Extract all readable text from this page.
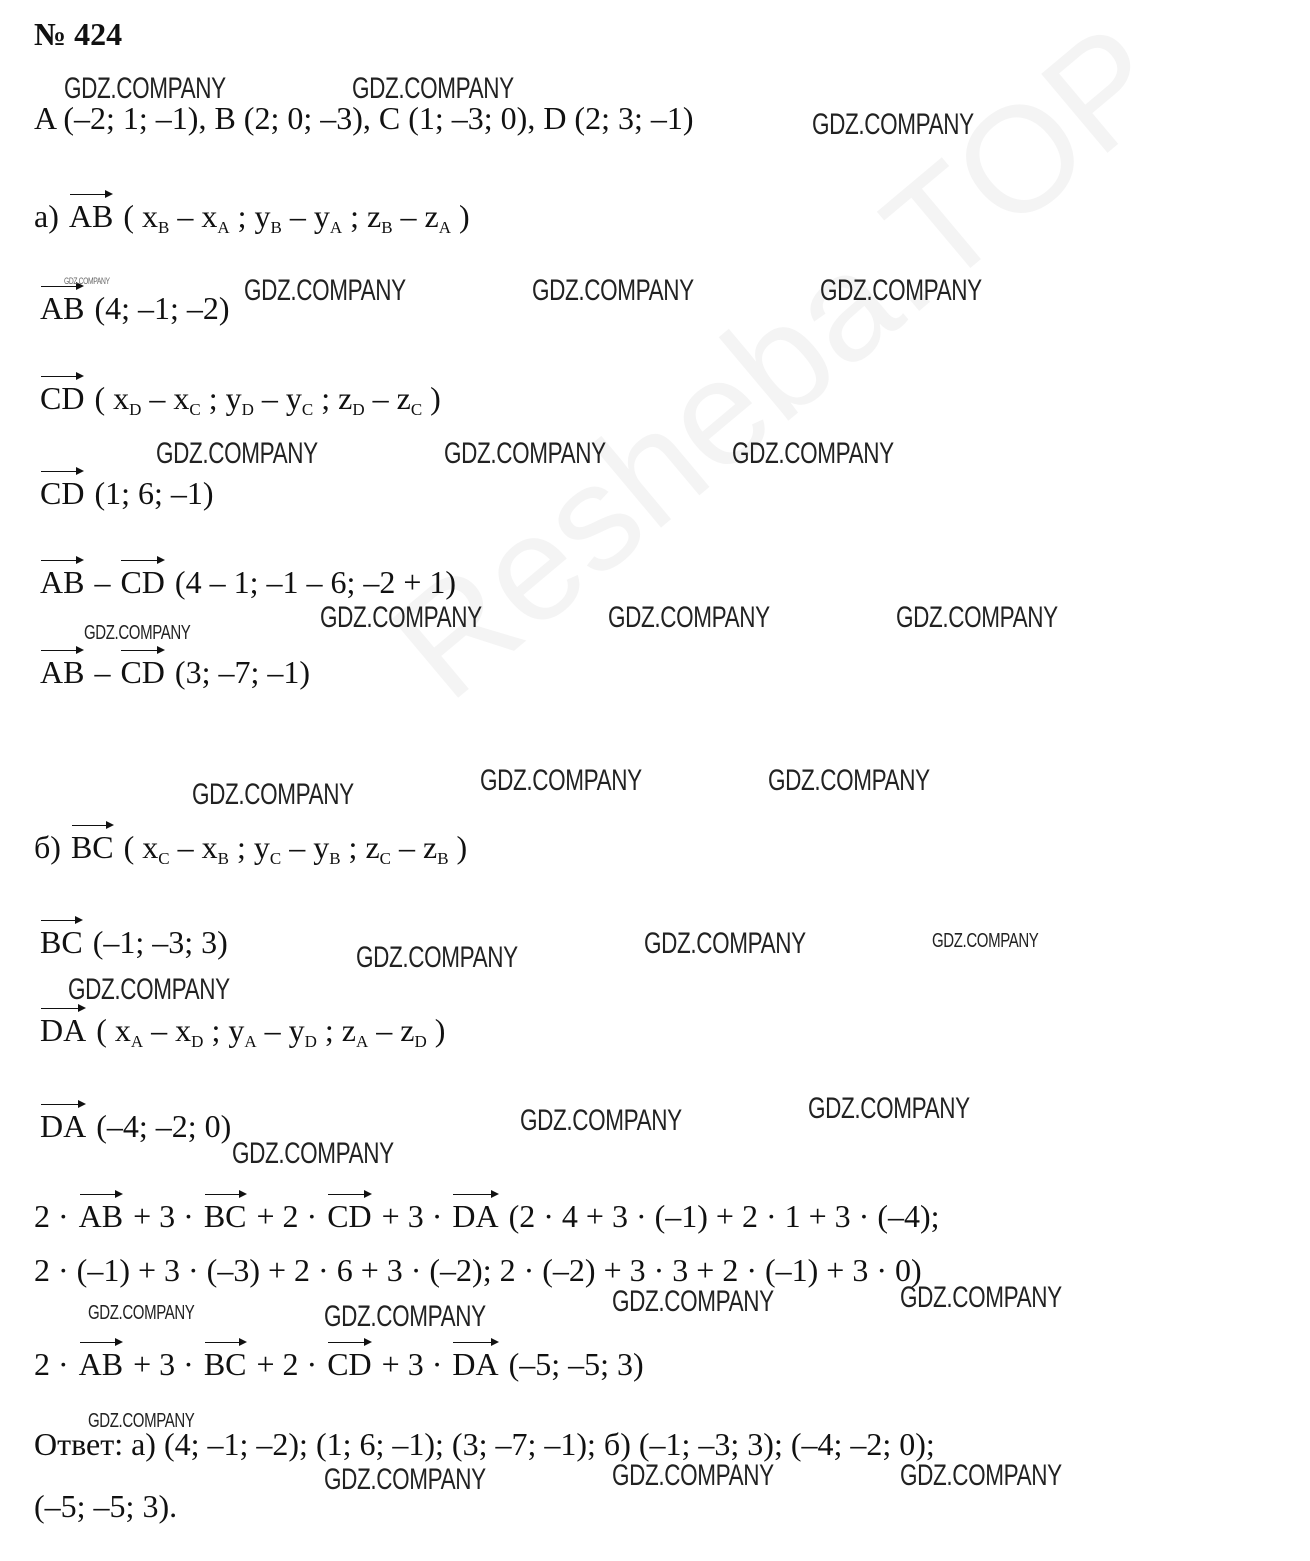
№ 424
A (–2; 1; –1), B (2; 0; –3), C (1; –3; 0), D (2; 3; –1)
а) AB ( $x_B - x_A$ ; $y_B - y_A$ ; $z_B - z_A$ )
AB (4; –1; –2)
CD ( $x_D - x_C$ ; $y_D - y_C$ ; $z_D - z_C$ )
CD (1; 6; –1)
AB – CD (4 – 1; –1 – 6; –2 + 1)
AB – CD (3; –7; –1)
б) BC ( $x_C - x_B$ ; $y_C - y_B$ ; $z_C - z_B$ )
BC (–1; –3; 3)
DA ( $x_A - x_D$ ; $y_A - y_D$ ; $z_A - z_D$ )
DA (–4; –2; 0)
2 · AB + 3 · BC + 2 · CD + 3 · DA (2 · 4 + 3 · (–1) + 2 · 1 + 3 · (–4);
2 · (–1) + 3 · (–3) + 2 · 6 + 3 · (–2); 2 · (–2) + 3 · 3 + 2 · (–1) + 3 · 0)
2 · AB + 3 · BC + 2 · CD + 3 · DA (–5; –5; 3)
Ответ: а) (4; –1; –2); (1; 6; –1); (3; –7; –1); б) (–1; –3; 3); (–4; –2; 0);
(–5; –5; 3).
GDZ.COMPANY	GDZ.COMPANY
GDZ.COMPANY
GDZ.COMPANY	GDZ.COMPANY	GDZ.COMPANY	GDZ.COMPANY
GDZ.COMPANY	GDZ.COMPANY	GDZ.COMPANY
GDZ.COMPANY	GDZ.COMPANY	GDZ.COMPANY	GDZ.COMPANY
GDZ.COMPANY	GDZ.COMPANY	GDZ.COMPANY
GDZ.COMPANY	GDZ.COMPANY	GDZ.COMPANY
GDZ.COMPANY
GDZ.COMPANY	GDZ.COMPANY
GDZ.COMPANY
GDZ.COMPANY	GDZ.COMPANY	GDZ.COMPANY	GDZ.COMPANY
GDZ.COMPANY
GDZ.COMPANY	GDZ.COMPANY	GDZ.COMPANY
